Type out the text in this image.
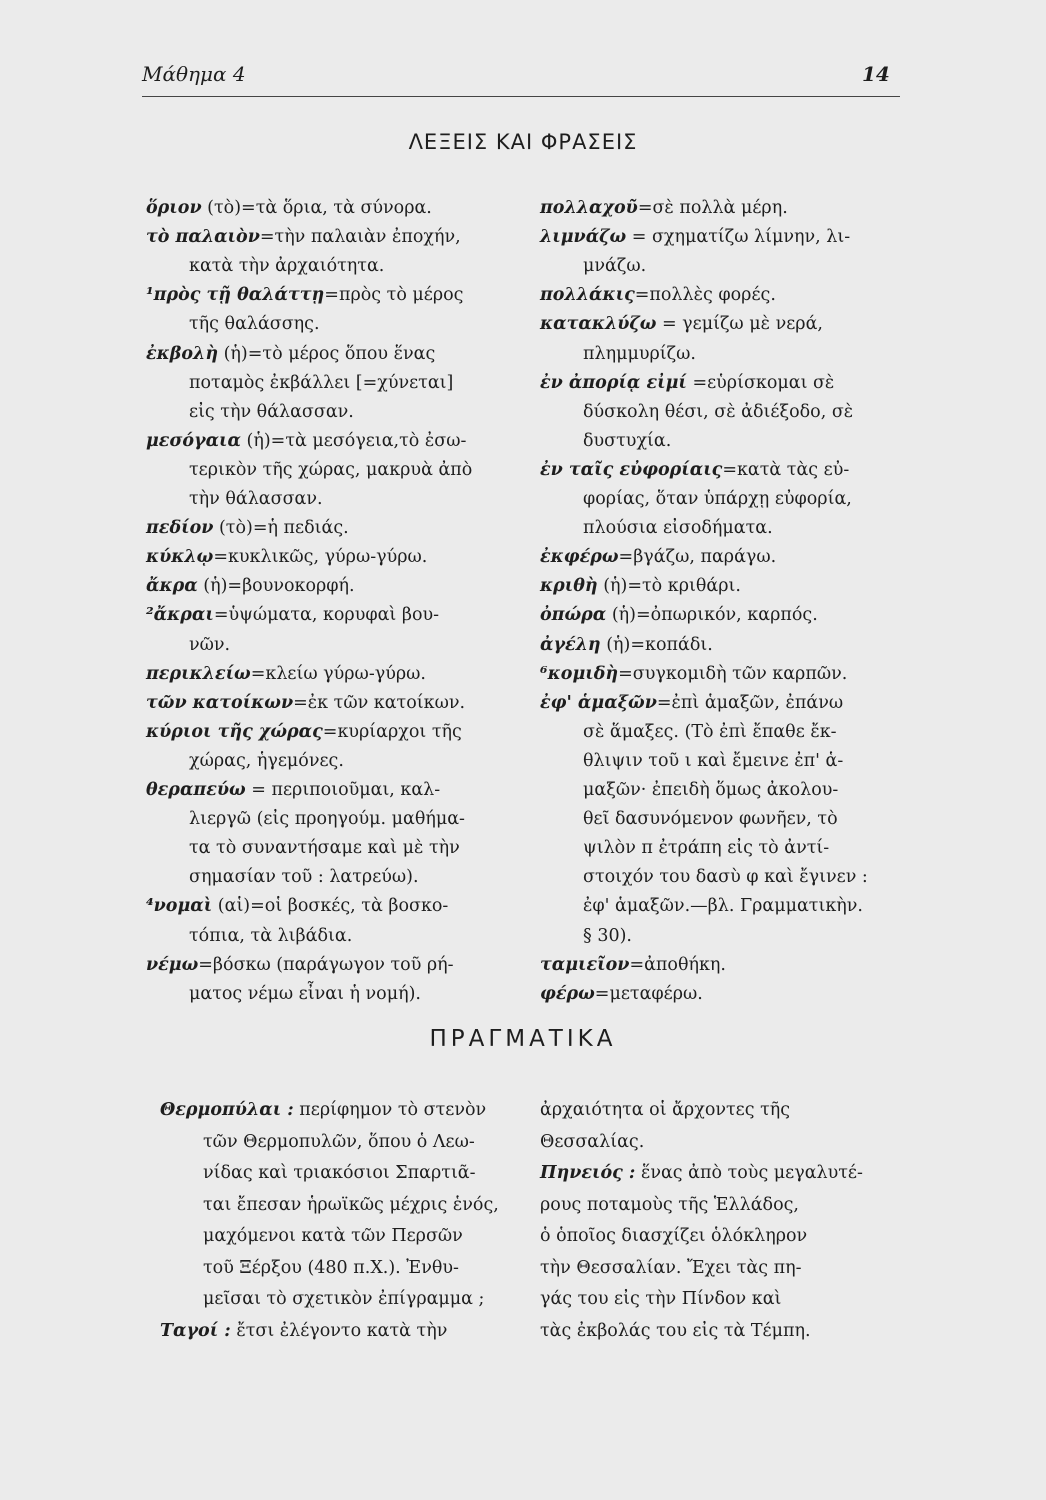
Μάθημα 4	14
ΛΕΞΕΙΣ ΚΑΙ ΦΡΑΣΕΙΣ
ὅριον (τὸ)=τὰ ὅρια, τὰ σύνορα.
τὸ παλαιὸν=τὴν παλαιὰν ἐποχήν,
κατὰ τὴν ἀρχαιότητα.
¹πρὸς τῇ θαλάττῃ=πρὸς τὸ μέρος
τῆς θαλάσσης.
ἐκβολὴ (ἡ)=τὸ μέρος ὅπου ἕνας
ποταμὸς ἐκβάλλει [=χύνεται]
εἰς τὴν θάλασσαν.
μεσόγαια (ἡ)=τὰ μεσόγεια,τὸ ἐσω-
τερικὸν τῆς χώρας, μακρυὰ ἀπὸ
τὴν θάλασσαν.
πεδίον (τὸ)=ἡ πεδιάς.
κύκλῳ=κυκλικῶς, γύρω-γύρω.
ἄκρα (ἡ)=βουνοκορφή.
²ἄκραι=ὑψώματα, κορυφαὶ βου-
νῶν.
περικλείω=κλείω γύρω-γύρω.
τῶν κατοίκων=ἐκ τῶν κατοίκων.
κύριοι τῆς χώρας=κυρίαρχοι τῆς
χώρας, ἡγεμόνες.
θεραπεύω = περιποιοῦμαι, καλ-
λιεργῶ (εἰς προηγούμ. μαθήμα-
τα τὸ συναντήσαμε καὶ μὲ τὴν
σημασίαν τοῦ : λατρεύω).
⁴νομαὶ (αἱ)=οἱ βοσκές, τὰ βοσκο-
τόπια, τὰ λιβάδια.
νέμω=βόσκω (παράγωγον τοῦ ρή-
ματος νέμω εἶναι ἡ νομή).
πολλαχοῦ=σὲ πολλὰ μέρη.
λιμνάζω = σχηματίζω λίμνην, λι-
μνάζω.
πολλάκις=πολλὲς φορές.
κατακλύζω = γεμίζω μὲ νερά,
πλημμυρίζω.
ἐν ἀπορίᾳ εἰμί =εὑρίσκομαι σὲ
δύσκολη θέσι, σὲ ἀδιέξοδο, σὲ
δυστυχία.
ἐν ταῖς εὐφορίαις=κατὰ τὰς εὐ-
φορίας, ὅταν ὑπάρχῃ εὐφορία,
πλούσια εἰσοδήματα.
ἐκφέρω=βγάζω, παράγω.
κριθὴ (ἡ)=τὸ κριθάρι.
ὀπώρα (ἡ)=ὀπωρικόν, καρπός.
ἀγέλη (ἡ)=κοπάδι.
⁶κομιδὴ=συγκομιδὴ τῶν καρπῶν.
ἐφ' ἁμαξῶν=ἐπὶ ἁμαξῶν, ἐπάνω
σὲ ἅμαξες. (Τὸ ἐπὶ ἔπαθε ἔκ-
θλιψιν τοῦ ι καὶ ἔμεινε ἐπ' ἁ-
μαξῶν· ἐπειδὴ ὅμως ἀκολου-
θεῖ δασυνόμενον φωνῆεν, τὸ
ψιλὸν π ἐτράπη εἰς τὸ ἀντί-
στοιχόν του δασὺ φ καὶ ἔγινεν :
ἐφ' ἁμαξῶν.—βλ. Γραμματικὴν.
§ 30).
ταμιεῖον=ἀποθήκη.
φέρω=μεταφέρω.
ΠΡΑΓΜΑΤΙΚΑ
Θερμοπύλαι : περίφημον τὸ στενὸν
τῶν Θερμοπυλῶν, ὅπου ὁ Λεω-
νίδας καὶ τριακόσιοι Σπαρτιᾶ-
ται ἔπεσαν ἡρωϊκῶς μέχρις ἑνός,
μαχόμενοι κατὰ τῶν Περσῶν
τοῦ Ξέρξου (480 π.Χ.). Ἐνθυ-
μεῖσαι τὸ σχετικὸν ἐπίγραμμα ;
Ταγοί : ἔτσι ἐλέγοντο κατὰ τὴν
ἀρχαιότητα οἱ ἄρχοντες τῆς
Θεσσαλίας.
Πηνειός : ἕνας ἀπὸ τοὺς μεγαλυτέ-
ρους ποταμοὺς τῆς Ἑλλάδος,
ὁ ὁποῖος διασχίζει ὁλόκληρον
τὴν Θεσσαλίαν. Ἔχει τὰς πη-
γάς του εἰς τὴν Πίνδον καὶ
τὰς ἐκβολάς του εἰς τὰ Τέμπη.
